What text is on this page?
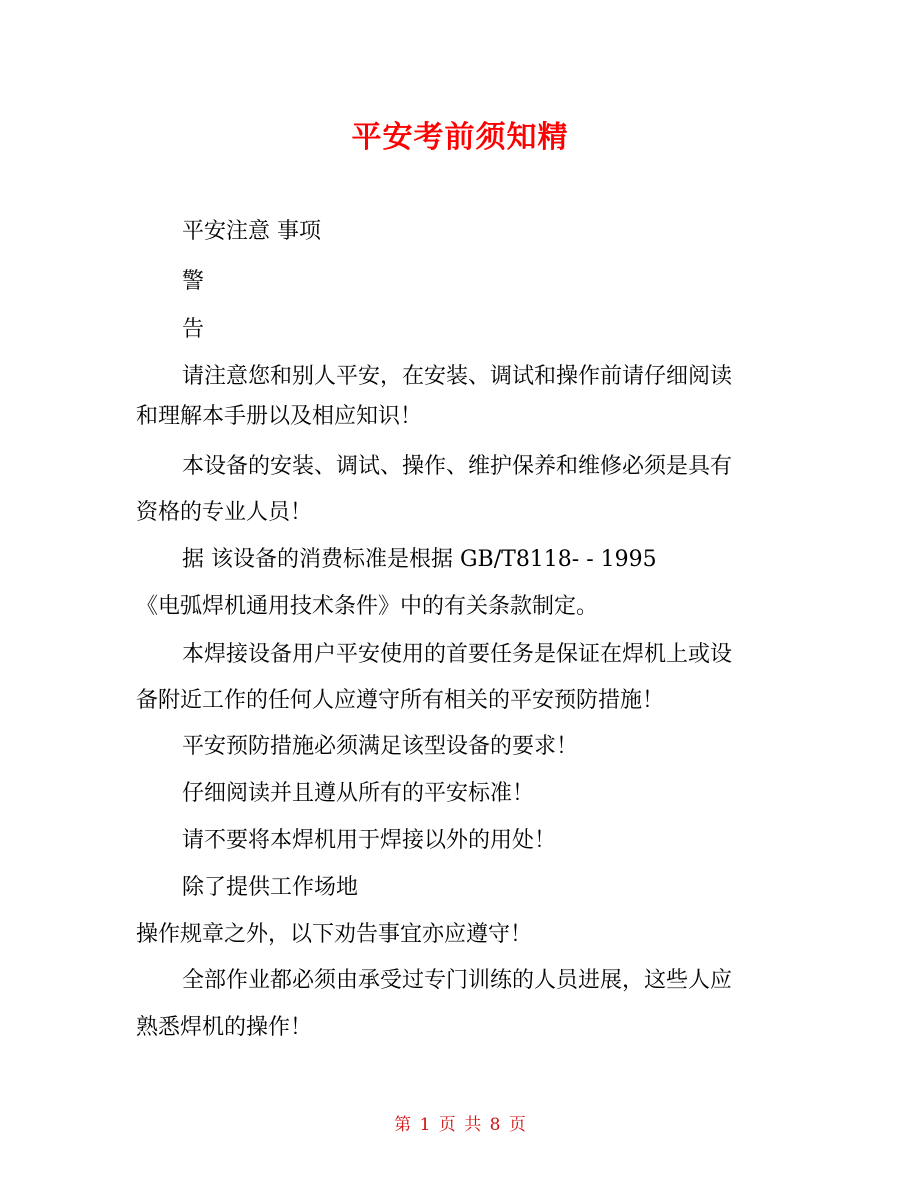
平安考前须知精
平安注意 事项
警
告
请注意您和别人平安，在安装、调试和操作前请仔细阅读
和理解本手册以及相应知识！
本设备的安装、调试、操作、维护保养和维修必须是具有
资格的专业人员！
据 该设备的消费标准是根据 GB/T8118- - 1995
《电弧焊机通用技术条件》中的有关条款制定。
本焊接设备用户平安使用的首要任务是保证在焊机上或设
备附近工作的任何人应遵守所有相关的平安预防措施！
平安预防措施必须满足该型设备的要求！
仔细阅读并且遵从所有的平安标准！
请不要将本焊机用于焊接以外的用处！
除了提供工作场地
操作规章之外，以下劝告事宜亦应遵守！
全部作业都必须由承受过专门训练的人员进展，这些人应
熟悉焊机的操作！
第 1 页 共 8 页
